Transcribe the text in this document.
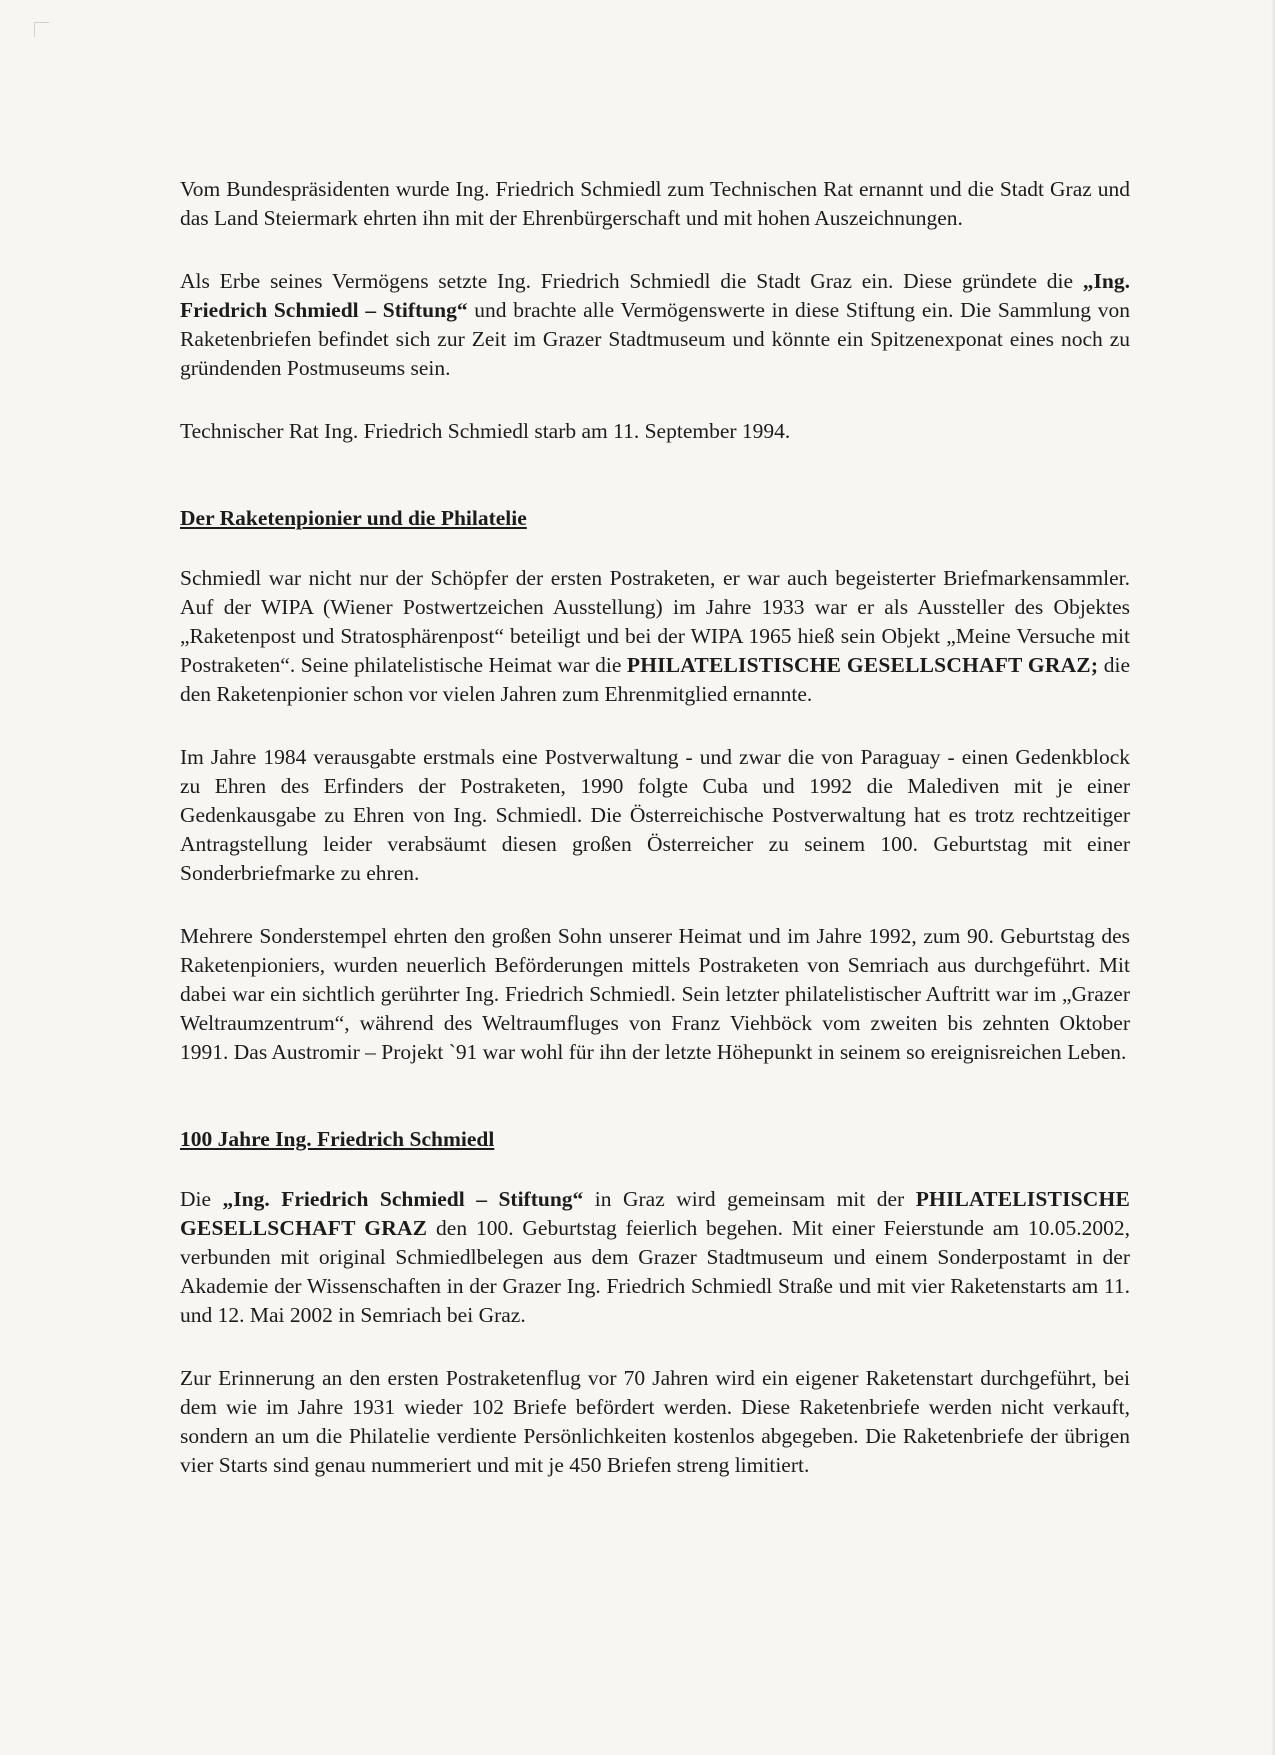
Vom Bundespräsidenten wurde Ing. Friedrich Schmiedl zum Technischen Rat ernannt und die Stadt Graz und das Land Steiermark ehrten ihn mit der Ehrenbürgerschaft und mit hohen Auszeichnungen.

Als Erbe seines Vermögens setzte Ing. Friedrich Schmiedl die Stadt Graz ein. Diese gründete die „Ing. Friedrich Schmiedl – Stiftung“ und brachte alle Vermögenswerte in diese Stiftung ein. Die Sammlung von Raketenbriefen befindet sich zur Zeit im Grazer Stadtmuseum und könnte ein Spitzenexponat eines noch zu gründenden Postmuseums sein.

Technischer Rat Ing. Friedrich Schmiedl starb am 11. September 1994.

Der Raketenpionier und die Philatelie

Schmiedl war nicht nur der Schöpfer der ersten Postraketen, er war auch begeisterter Briefmarkensammler. Auf der WIPA (Wiener Postwertzeichen Ausstellung) im Jahre 1933 war er als Aussteller des Objektes „Raketenpost und Stratosphärenpost“ beteiligt und bei der WIPA 1965 hieß sein Objekt „Meine Versuche mit Postraketen“. Seine philatelistische Heimat war die PHILATELISTISCHE GESELLSCHAFT GRAZ; die den Raketenpionier schon vor vielen Jahren zum Ehrenmitglied ernannte.

Im Jahre 1984 verausgabte erstmals eine Postverwaltung - und zwar die von Paraguay - einen Gedenkblock zu Ehren des Erfinders der Postraketen, 1990 folgte Cuba und 1992 die Malediven mit je einer Gedenkausgabe zu Ehren von Ing. Schmiedl. Die Österreichische Postverwaltung hat es trotz rechtzeitiger Antragstellung leider verabsäumt diesen großen Österreicher zu seinem 100. Geburtstag mit einer Sonderbriefmarke zu ehren.

Mehrere Sonderstempel ehrten den großen Sohn unserer Heimat und im Jahre 1992, zum 90. Geburtstag des Raketenpioniers, wurden neuerlich Beförderungen mittels Postraketen von Semriach aus durchgeführt. Mit dabei war ein sichtlich gerührter Ing. Friedrich Schmiedl. Sein letzter philatelistischer Auftritt war im „Grazer Weltraumzentrum“, während des Weltraumfluges von Franz Viehböck vom zweiten bis zehnten Oktober 1991. Das Austromir – Projekt `91 war wohl für ihn der letzte Höhepunkt in seinem so ereignisreichen Leben.

100 Jahre Ing. Friedrich Schmiedl

Die „Ing. Friedrich Schmiedl – Stiftung“ in Graz wird gemeinsam mit der PHILATELISTISCHE GESELLSCHAFT GRAZ den 100. Geburtstag feierlich begehen. Mit einer Feierstunde am 10.05.2002, verbunden mit original Schmiedlbelegen aus dem Grazer Stadtmuseum und einem Sonderpostamt in der Akademie der Wissenschaften in der Grazer Ing. Friedrich Schmiedl Straße und mit vier Raketenstarts am 11. und 12. Mai 2002 in Semriach bei Graz.

Zur Erinnerung an den ersten Postraketenflug vor 70 Jahren wird ein eigener Raketenstart durchgeführt, bei dem wie im Jahre 1931 wieder 102 Briefe befördert werden. Diese Raketenbriefe werden nicht verkauft, sondern an um die Philatelie verdiente Persönlichkeiten kostenlos abgegeben. Die Raketenbriefe der übrigen vier Starts sind genau nummeriert und mit je 450 Briefen streng limitiert.
